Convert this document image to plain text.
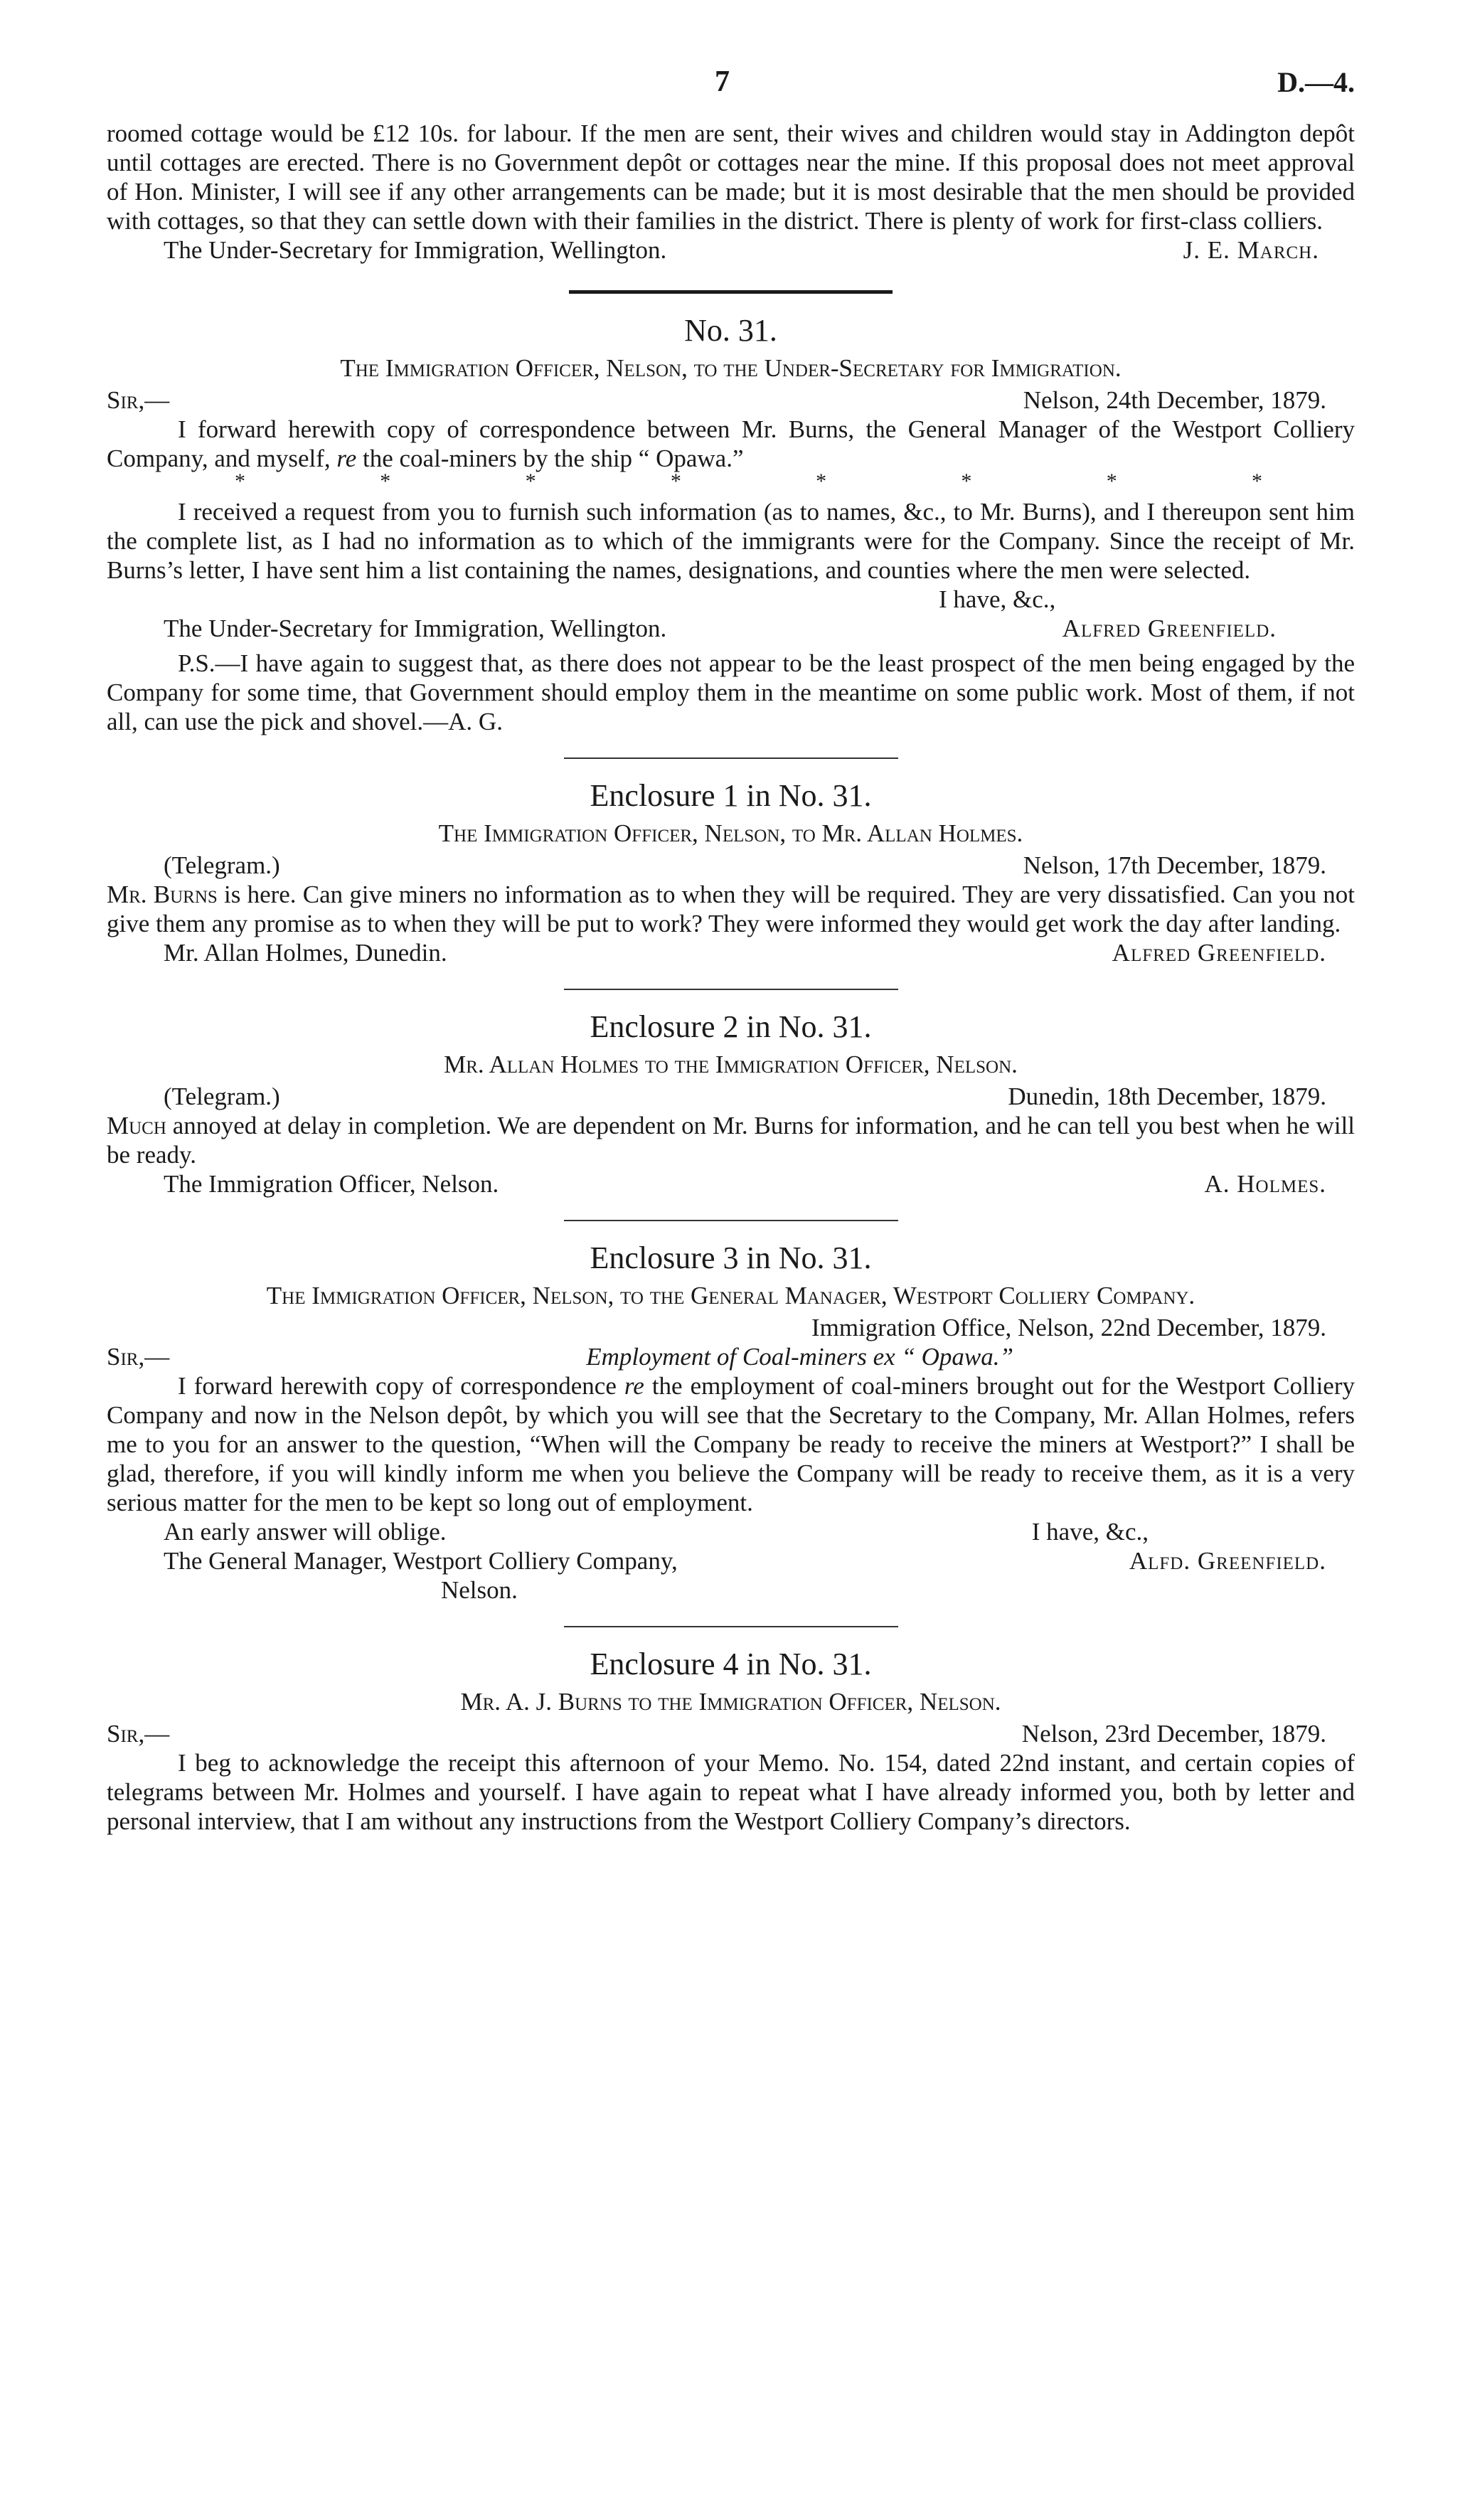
7	D.—4.

roomed cottage would be £12 10s. for labour. If the men are sent, their wives and children would stay in Addington depôt until cottages are erected. There is no Government depôt or cottages near the mine. If this proposal does not meet approval of Hon. Minister, I will see if any other arrangements can be made; but it is most desirable that the men should be provided with cottages, so that they can settle down with their families in the district. There is plenty of work for first-class colliers.

The Under-Secretary for Immigration, Wellington.	J. E. March.
No. 31.
The Immigration Officer, Nelson, to the Under-Secretary for Immigration.
Sir,—	Nelson, 24th December, 1879.

I forward herewith copy of correspondence between Mr. Burns, the General Manager of the Westport Colliery Company, and myself, re the coal-miners by the ship “ Opawa.”

*	*	*	*	*	*	*	*

I received a request from you to furnish such information (as to names, &c., to Mr. Burns), and I thereupon sent him the complete list, as I had no information as to which of the immigrants were for the Company. Since the receipt of Mr. Burns’s letter, I have sent him a list containing the names, designations, and counties where the men were selected.

I have, &c.,

The Under-Secretary for Immigration, Wellington.	Alfred Greenfield.

P.S.—I have again to suggest that, as there does not appear to be the least prospect of the men being engaged by the Company for some time, that Government should employ them in the meantime on some public work. Most of them, if not all, can use the pick and shovel.—A. G.

Enclosure 1 in No. 31.
The Immigration Officer, Nelson, to Mr. Allan Holmes.
(Telegram.)	Nelson, 17th December, 1879.

Mr. Burns is here. Can give miners no information as to when they will be required. They are very dissatisfied. Can you not give them any promise as to when they will be put to work? They were informed they would get work the day after landing.

Mr. Allan Holmes, Dunedin.	Alfred Greenfield.
Enclosure 2 in No. 31.
Mr. Allan Holmes to the Immigration Officer, Nelson.
(Telegram.)	Dunedin, 18th December, 1879.

Much annoyed at delay in completion. We are dependent on Mr. Burns for information, and he can tell you best when he will be ready.

The Immigration Officer, Nelson.	A. Holmes.
Enclosure 3 in No. 31.
The Immigration Officer, Nelson, to the General Manager, Westport Colliery Company.

Immigration Office, Nelson, 22nd December, 1879.

Sir,—	Employment of Coal-miners ex “ Opawa.”

I forward herewith copy of correspondence re the employment of coal-miners brought out for the Westport Colliery Company and now in the Nelson depôt, by which you will see that the Secretary to the Company, Mr. Allan Holmes, refers me to you for an answer to the question, “When will the Company be ready to receive the miners at Westport?” I shall be glad, therefore, if you will kindly inform me when you believe the Company will be ready to receive them, as it is a very serious matter for the men to be kept so long out of employment.

An early answer will oblige.	I have, &c.,
The General Manager, Westport Colliery Company,	Alfd. Greenfield.

Nelson.

Enclosure 4 in No. 31.
Mr. A. J. Burns to the Immigration Officer, Nelson.
Sir,—	Nelson, 23rd December, 1879.

I beg to acknowledge the receipt this afternoon of your Memo. No. 154, dated 22nd instant, and certain copies of telegrams between Mr. Holmes and yourself. I have again to repeat what I have already informed you, both by letter and personal interview, that I am without any instructions from the Westport Colliery Company’s directors.
